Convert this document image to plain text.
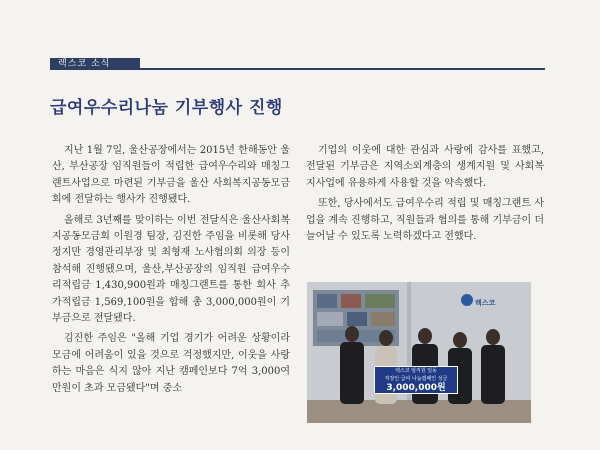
렉스코 소식
급여우수리나눔 기부행사 진행

지난 1월 7일, 울산공장에서는 2015년 한해동안 울산, 부산공장 임직원들이 적립한 급여우수리와 매칭그랜트사업으로 마련된 기부금을 울산 사회복지공동모금회에 전달하는 행사가 진행됐다.

올해로 3년째를 맞이하는 이번 전달식은 울산사회복지공동모금회 이원경 팀장, 김진한 주임을 비롯해 당사 정지만 경영관리부장 및 최형재 노사협의회 의장 등이 참석해 진행됐으며, 울산,부산공장의 임직원 급여우수리적립금 1,430,900원과 매칭그랜트를 통한 회사 추가적립금 1,569,100원을 합해 총 3,000,000원이 기부금으로 전달됐다.

김진한 주임은 "올해 기업 경기가 어려운 상황이라 모금에 어려움이 있을 것으로 걱정했지만, 이웃을 사랑하는 마음은 식지 않아 지난 캠페인보다 7억 3,000여 만원이 초과 모금됐다"며 중소

기업의 이웃에 대한 관심과 사랑에 감사를 표했고, 전달된 기부금은 지역소외계층의 생계지원 및 사회복지사업에 유용하게 사용할 것을 약속했다.

또한, 당사에서도 급여우수리 적립 및 매칭그랜트 사업을 계속 진행하고, 직원들과 협의를 통해 기부금이 더 늘어날 수 있도록 노력하겠다고 전했다.

렉스코
렉스코 임직원 일동
직장인 급여 나눔캠페인 성금
3,000,000원
